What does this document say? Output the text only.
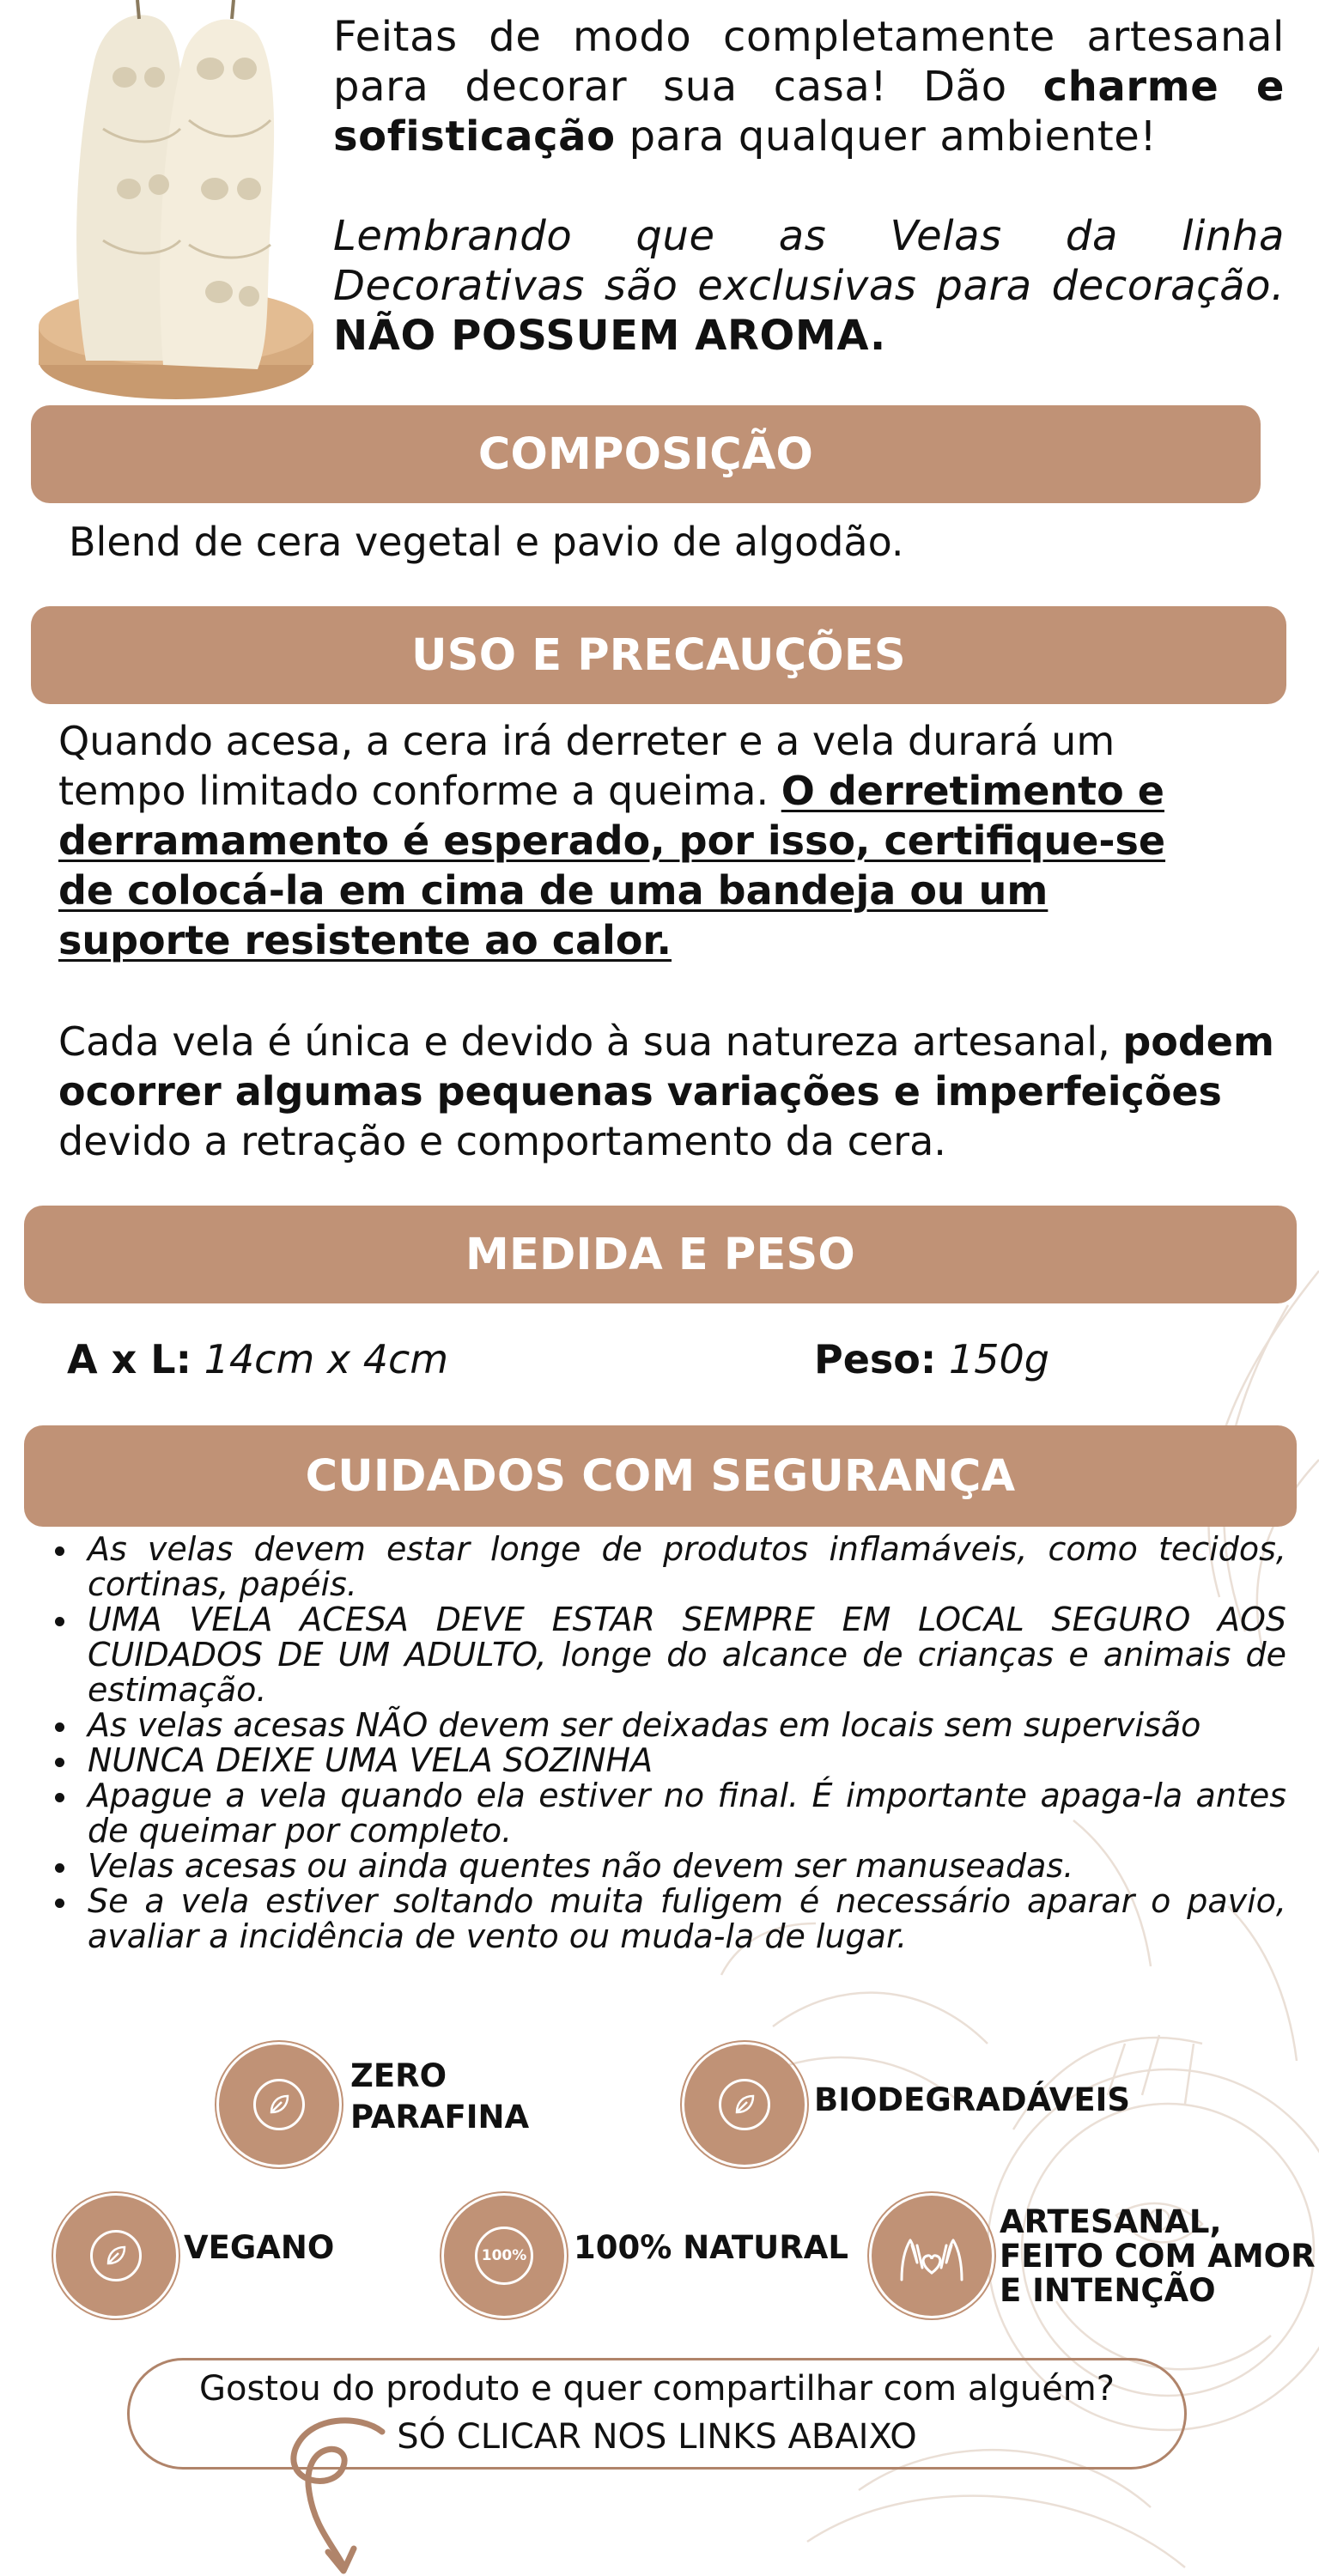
Feitas de modo completamente artesanal para decorar sua casa! Dão charme e sofisticação para qualquer ambiente!
Lembrando que as Velas da linha Decorativas são exclusivas para decoração. NÃO POSSUEM AROMA.
COMPOSIÇÃO
Blend de cera vegetal e pavio de algodão.
USO E PRECAUÇÕES
Quando acesa, a cera irá derreter e a vela durará um tempo limitado conforme a queima. O derretimento e derramamento é esperado, por isso, certifique-se de colocá-la em cima de uma bandeja ou um suporte resistente ao calor.
Cada vela é única e devido à sua natureza artesanal, podem ocorrer algumas pequenas variações e imperfeições devido a retração e comportamento da cera.
MEDIDA E PESO
A x L: 14cm x 4cm	Peso: 150g
CUIDADOS COM SEGURANÇA
As velas devem estar longe de produtos inflamáveis, como tecidos, cortinas, papéis.
UMA VELA ACESA DEVE ESTAR SEMPRE EM LOCAL SEGURO AOS CUIDADOS DE UM ADULTO, longe do alcance de crianças e animais de estimação.
As velas acesas NÃO devem ser deixadas em locais sem supervisão
NUNCA DEIXE UMA VELA SOZINHA
Apague a vela quando ela estiver no final. É importante apaga-la antes de queimar por completo.
Velas acesas ou ainda quentes não devem ser manuseadas.
Se a vela estiver soltando muita fuligem é necessário aparar o pavio, avaliar a incidência de vento ou muda-la de lugar.
ZERO
PARAFINA	BIODEGRADÁVEIS
VEGANO	100% 100% NATURAL
ARTESANAL,
FEITO COM AMOR
E INTENÇÃO
Gostou do produto e quer compartilhar com alguém?
SÓ CLICAR NOS LINKS ABAIXO
